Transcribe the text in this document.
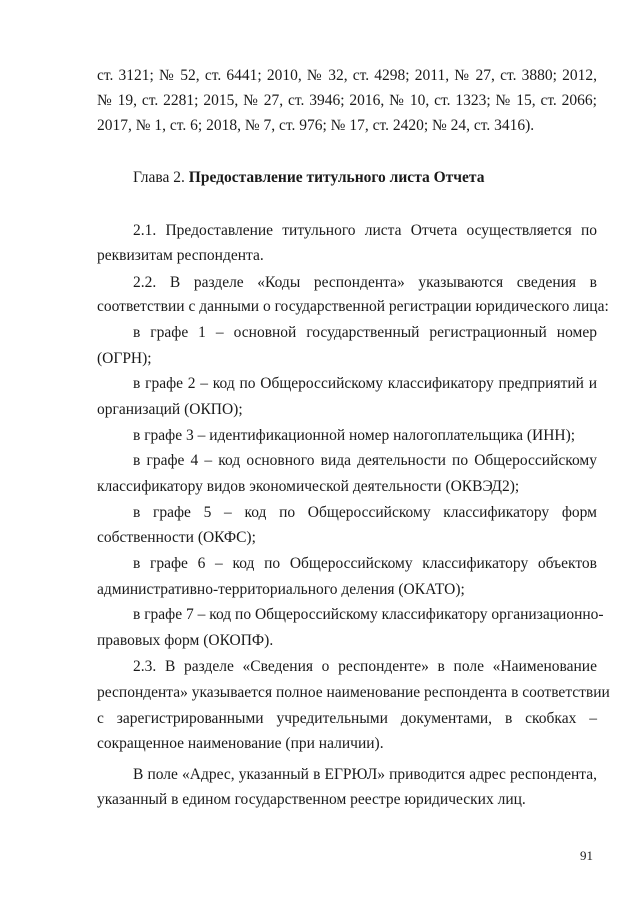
ст. 3121; № 52, ст. 6441; 2010, № 32, ст. 4298; 2011, № 27, ст. 3880; 2012,

№ 19, ст. 2281; 2015, № 27, ст. 3946; 2016, № 10, ст. 1323; № 15, ст. 2066;

2017, № 1, ст. 6; 2018, № 7, ст. 976; № 17, ст. 2420; № 24, ст. 3416).

Глава 2. Предоставление титульного листа Отчета

2.1. Предоставление титульного листа Отчета осуществляется по

реквизитам респондента.

2.2. В разделе «Коды респондента» указываются сведения в

соответствии с данными о государственной регистрации юридического лица:

в графе 1 – основной государственный регистрационный номер

(ОГРН);

в графе 2 – код по Общероссийскому классификатору предприятий и

организаций (ОКПО);

в графе 3 – идентификационной номер налогоплательщика (ИНН);

в графе 4 – код основного вида деятельности по Общероссийскому

классификатору видов экономической деятельности (ОКВЭД2);

в графе 5 – код по Общероссийскому классификатору форм

собственности (ОКФС);

в графе 6 – код по Общероссийскому классификатору объектов

административно-территориального деления (ОКАТО);

в графе 7 – код по Общероссийскому классификатору организационно-

правовых форм (ОКОПФ).

2.3. В разделе «Сведения о респонденте» в поле «Наименование

респондента» указывается полное наименование респондента в соответствии

с зарегистрированными учредительными документами, в скобках –

сокращенное наименование (при наличии).

В поле «Адрес, указанный в ЕГРЮЛ» приводится адрес респондента,

указанный в едином государственном реестре юридических лиц.

91
